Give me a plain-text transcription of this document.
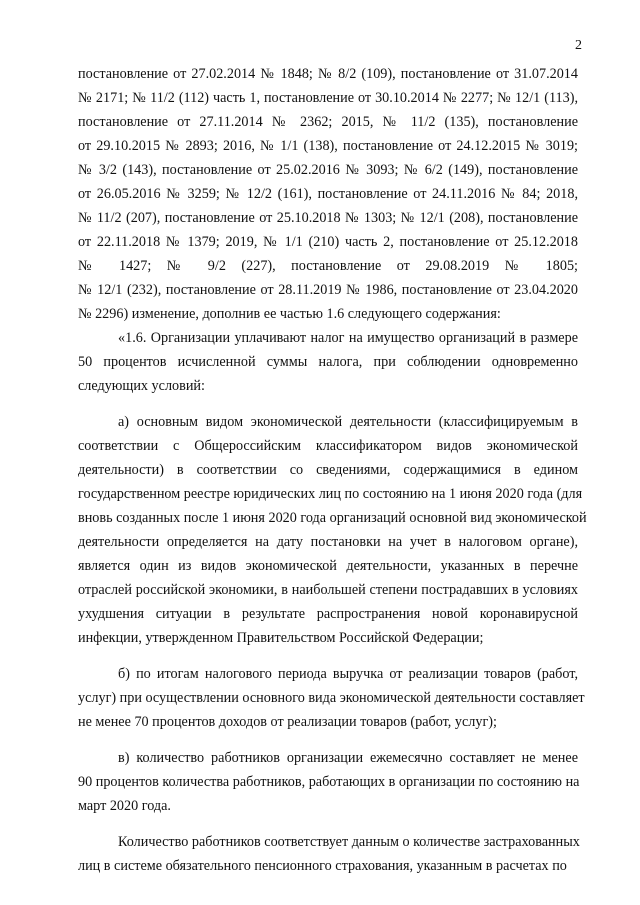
2
постановление от 27.02.2014 № 1848; № 8/2 (109), постановление от 31.07.2014
№ 2171; № 11/2 (112) часть 1, постановление от 30.10.2014 № 2277; № 12/1 (113),
постановление от 27.11.2014 № 2362; 2015, № 11/2 (135), постановление
от 29.10.2015 № 2893; 2016, № 1/1 (138), постановление от 24.12.2015 № 3019;
№ 3/2 (143), постановление от 25.02.2016 № 3093; № 6/2 (149), постановление
от 26.05.2016 № 3259; № 12/2 (161), постановление от 24.11.2016 № 84; 2018,
№ 11/2 (207), постановление от 25.10.2018 № 1303; № 12/1 (208), постановление
от 22.11.2018 № 1379; 2019, № 1/1 (210) часть 2, постановление от 25.12.2018
№ 1427; № 9/2 (227), постановление от 29.08.2019 № 1805;
№ 12/1 (232), постановление от 28.11.2019 № 1986, постановление от 23.04.2020
№ 2296) изменение, дополнив ее частью 1.6 следующего содержания:
«1.6. Организации уплачивают налог на имущество организаций в размере
50 процентов исчисленной суммы налога, при соблюдении одновременно
следующих условий:
а) основным видом экономической деятельности (классифицируемым в
соответствии с Общероссийским классификатором видов экономической
деятельности) в соответствии со сведениями, содержащимися в едином
государственном реестре юридических лиц по состоянию на 1 июня 2020 года (для
вновь созданных после 1 июня 2020 года организаций основной вид экономической
деятельности определяется на дату постановки на учет в налоговом органе),
является один из видов экономической деятельности, указанных в перечне
отраслей российской экономики, в наибольшей степени пострадавших в условиях
ухудшения ситуации в результате распространения новой коронавирусной
инфекции, утвержденном Правительством Российской Федерации;
б) по итогам налогового периода выручка от реализации товаров (работ,
услуг) при осуществлении основного вида экономической деятельности составляет
не менее 70 процентов доходов от реализации товаров (работ, услуг);
в) количество работников организации ежемесячно составляет не менее
90 процентов количества работников, работающих в организации по состоянию на
март 2020 года.
Количество работников соответствует данным о количестве застрахованных
лиц в системе обязательного пенсионного страхования, указанным в расчетах по
